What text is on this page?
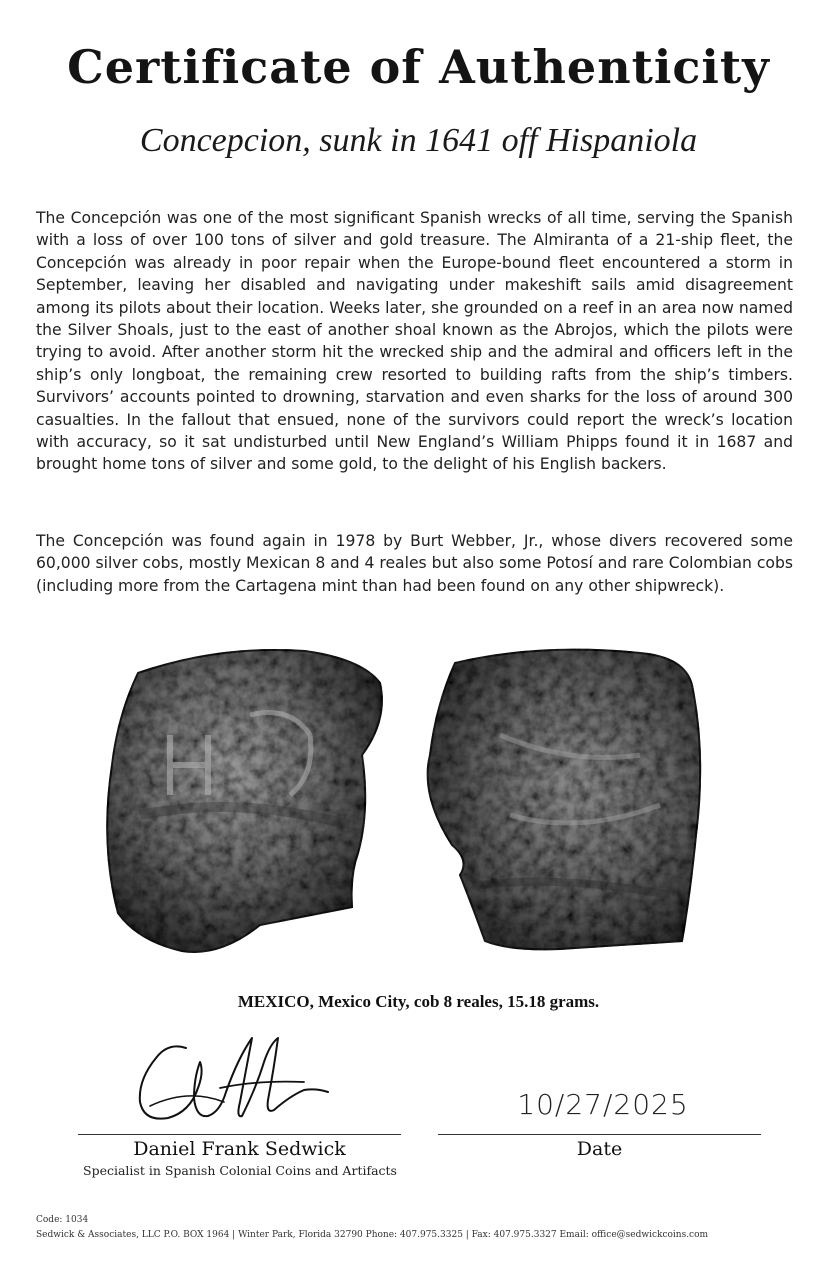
Certificate of Authenticity
Concepcion, sunk in 1641 off Hispaniola

The Concepción was one of the most significant Spanish wrecks of all time, serving the Spanish with a loss of over 100 tons of silver and gold treasure. The Almiranta of a 21-ship fleet, the Concepción was already in poor repair when the Europe-bound fleet encountered a storm in September, leaving her disabled and navigating under makeshift sails amid disagreement among its pilots about their location. Weeks later, she grounded on a reef in an area now named the Silver Shoals, just to the east of another shoal known as the Abrojos, which the pilots were trying to avoid. After another storm hit the wrecked ship and the admiral and officers left in the ship’s only longboat, the remaining crew resorted to building rafts from the ship’s timbers. Survivors’ accounts pointed to drowning, starvation and even sharks for the loss of around 300 casualties. In the fallout that ensued, none of the survivors could report the wreck’s location with accuracy, so it sat undisturbed until New England’s William Phipps found it in 1687 and brought home tons of silver and some gold, to the delight of his English backers.

The Concepción was found again in 1978 by Burt Webber, Jr., whose divers recovered some 60,000 silver cobs, mostly Mexican 8 and 4 reales but also some Potosí and rare Colombian cobs (including more from the Cartagena mint than had been found on any other shipwreck).

MEXICO, Mexico City, cob 8 reales, 15.18 grams.
10/27/2025
Daniel Frank Sedwick
Specialist in Spanish Colonial Coins and Artifacts
Date
Code: 1034
Sedwick & Associates, LLC P.O. BOX 1964 | Winter Park, Florida 32790 Phone: 407.975.3325 | Fax: 407.975.3327 Email: office@sedwickcoins.com
